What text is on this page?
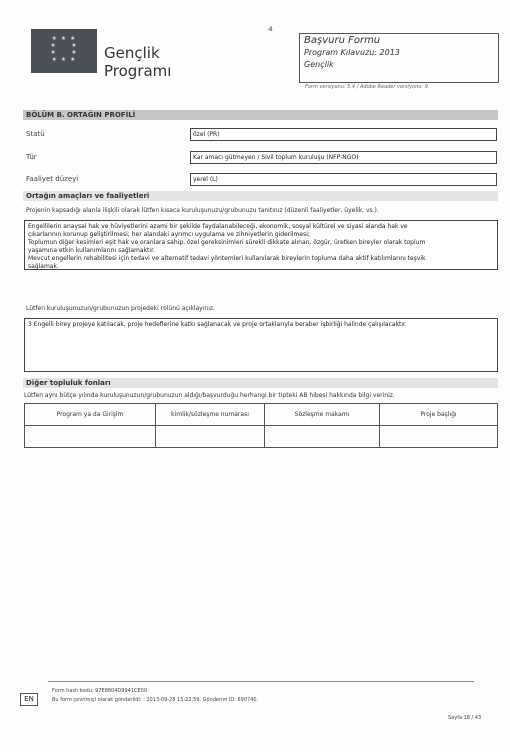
★ ★ ★
★     ★
★     ★
★ ★ ★	Gençlik
Programı
⁴
Başvuru Formu
Program Kılavuzu: 2013
Gençlik
Form versiyonu: 5.4 / Adobe Reader versiyonu: 9
BÖLÜM B. ORTAĞIN PROFİLİ
Statü	özel (PR)
Tür	Kar amacı gütmeyen / Sivil toplum kuruluşu (NFP-NGO)
Faaliyet düzeyi	yerel (L)
Ortağın amaçları ve faaliyetleri
Projenin kapsadığı alanla ilişkili olarak lütfen kısaca kuruluşunuzu/grubunuzu tanıtınız (düzenli faaliyetler, üyelik, vs.).
Engellilerin anaysal hak ve hüviyetlerini azami bir şekilde faydalanabileceği, ekonomik, sosyal kültürel ve siyasi alanda hak ve
çıkarlarının korunup geliştirilmesi; her alandaki ayrımcı uygulama ve zihniyetlerin giderilmesi;
Toplumun diğer kesimleri eşit hak ve oranlara sahip, özel gereksinimleri sürekli dikkate alınan, özgür, üretken bireyler olarak toplum
yaşamına etkin kullanımlarını sağlamaktır.
Mevcut engellerin rehabilitesi için tedavi ve alternatif tedavi yöntemleri kullanılarak bireylerin topluma daha aktif katılımlarını teşvik
sağlamak.
Lütfen kuruluşunuzun/grubunuzun projedeki rolünü açıklayınız.
3 Engelli birey projeye katılacak, proje hedeflerine katkı sağlanacak ve proje ortaklarıyla beraber işbirliği halinde çalışılacaktır.
Diğer topluluk fonları
Lütfen aynı bütçe yılında kuruluşunuzun/grubunuzun aldığı/başvurduğu herhangi bir tipteki AB hibesi hakkında bilgi veriniz.
Program ya da Girişim	kimlik/sözleşme numarası	Sözleşme makamı	Proje başlığı

EN
Form hash kodu: 97E8804D9941CE00
Bu form çevrimiçi olarak gönderildi: : 2013-09-28 15:22:59. Gönderim ID: 690740.
Sayfa 18 / 43
